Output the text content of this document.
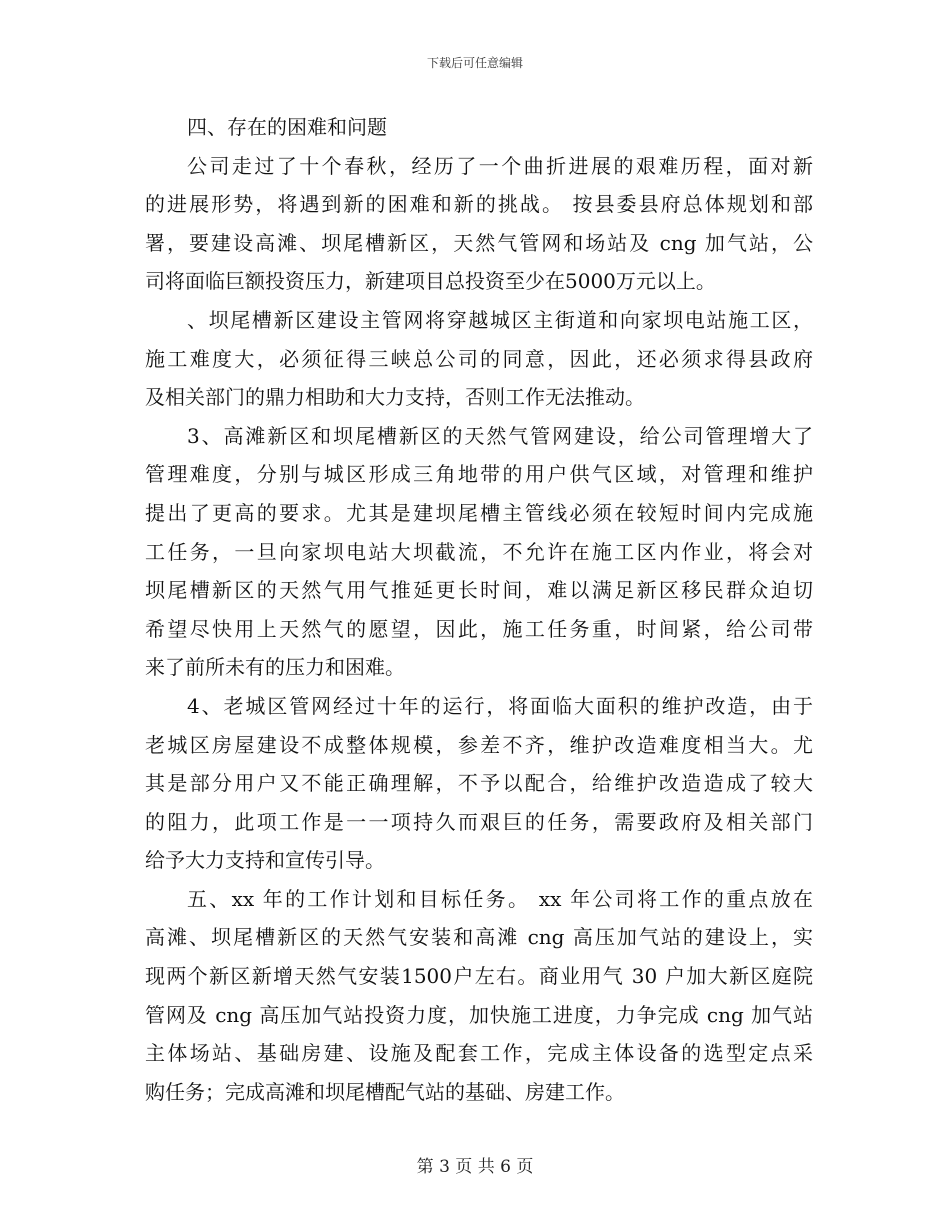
下载后可任意编辑
四、存在的困难和问题
公司走过了十个春秋，经历了一个曲折进展的艰难历程，面对新
的进展形势，将遇到新的困难和新的挑战。 按县委县府总体规划和部
署，要建设高滩、坝尾槽新区，天然气管网和场站及 cng 加气站，公
司将面临巨额投资压力，新建项目总投资至少在5000万元以上。
、坝尾槽新区建设主管网将穿越城区主街道和向家坝电站施工区，
施工难度大，必须征得三峡总公司的同意，因此，还必须求得县政府
及相关部门的鼎力相助和大力支持，否则工作无法推动。
3、高滩新区和坝尾槽新区的天然气管网建设，给公司管理增大了
管理难度，分别与城区形成三角地带的用户供气区域，对管理和维护
提出了更高的要求。尤其是建坝尾槽主管线必须在较短时间内完成施
工任务，一旦向家坝电站大坝截流，不允许在施工区内作业，将会对
坝尾槽新区的天然气用气推延更长时间，难以满足新区移民群众迫切
希望尽快用上天然气的愿望，因此，施工任务重，时间紧，给公司带
来了前所未有的压力和困难。
4、老城区管网经过十年的运行，将面临大面积的维护改造，由于
老城区房屋建设不成整体规模，参差不齐，维护改造难度相当大。尤
其是部分用户又不能正确理解，不予以配合，给维护改造造成了较大
的阻力，此项工作是一一项持久而艰巨的任务，需要政府及相关部门
给予大力支持和宣传引导。
五、xx 年的工作计划和目标任务。 xx 年公司将工作的重点放在
高滩、坝尾槽新区的天然气安装和高滩 cng 高压加气站的建设上，实
现两个新区新增天然气安装1500户左右。商业用气 30 户加大新区庭院
管网及 cng 高压加气站投资力度，加快施工进度，力争完成 cng 加气站
主体场站、基础房建、设施及配套工作，完成主体设备的选型定点采
购任务；完成高滩和坝尾槽配气站的基础、房建工作。
第 3 页 共 6 页
